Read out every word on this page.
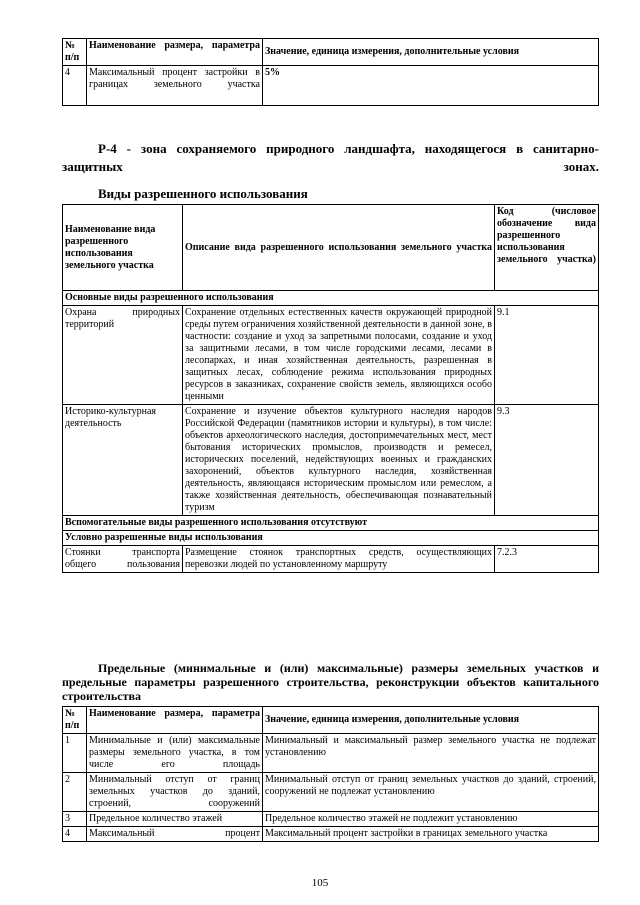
№ п/п	Наименование размера, параметра	Значение, единица измерения, дополнительные условия
4	Максимальный процент застройки в границах земельного участка	5%
Р-4 - зона сохраняемого природного ландшафта, находящегося в санитарно-защитных зонах.
Виды разрешенного использования
Наименование вида разрешенного использования земельного участка	Описание вида разрешенного использования земельного участка	Код (числовое обозначение вида разрешенного использования земельного участка)
Основные виды разрешенного использования		
Охрана природных территорий	Сохранение отдельных естественных качеств окружающей природной среды путем ограничения хозяйственной деятельности в данной зоне, в частности: создание и уход за запретными полосами, создание и уход за защитными лесами, в том числе городскими лесами, лесами в лесопарках, и иная хозяйственная деятельность, разрешенная в защитных лесах, соблюдение режима использования природных ресурсов в заказниках, сохранение свойств земель, являющихся особо ценными	9.1
Историко-культурная деятельность	Сохранение и изучение объектов культурного наследия народов Российской Федерации (памятников истории и культуры), в том числе: объектов археологического наследия, достопримечательных мест, мест бытования исторических промыслов, производств и ремесел, исторических поселений, недействующих военных и гражданских захоронений, объектов культурного наследия, хозяйственная деятельность, являющаяся историческим промыслом или ремеслом, а также хозяйственная деятельность, обеспечивающая познавательный туризм	9.3
Вспомогательные виды разрешенного использования отсутствуют		
Условно разрешенные виды использования		
Стоянки транспорта общего пользования	Размещение стоянок транспортных средств, осуществляющих перевозки людей по установленному маршруту	7.2.3
Предельные (минимальные и (или) максимальные) размеры земельных участков и предельные параметры разрешенного строительства, реконструкции объектов капитального строительства
№ п/п	Наименование размера, параметра	Значение, единица измерения, дополнительные условия
1	Минимальные и (или) максимальные размеры земельного участка, в том числе его площадь	Минимальный и максимальный размер земельного участка не подлежат установлению
2	Минимальный отступ от границ земельных участков до зданий, строений, сооружений	Минимальный отступ от границ земельных участков до зданий, строений, сооружений не подлежат установлению
3	Предельное количество этажей	Предельное количество этажей не подлежит установлению
4	Максимальный процент	Максимальный процент застройки в границах земельного участка
105
